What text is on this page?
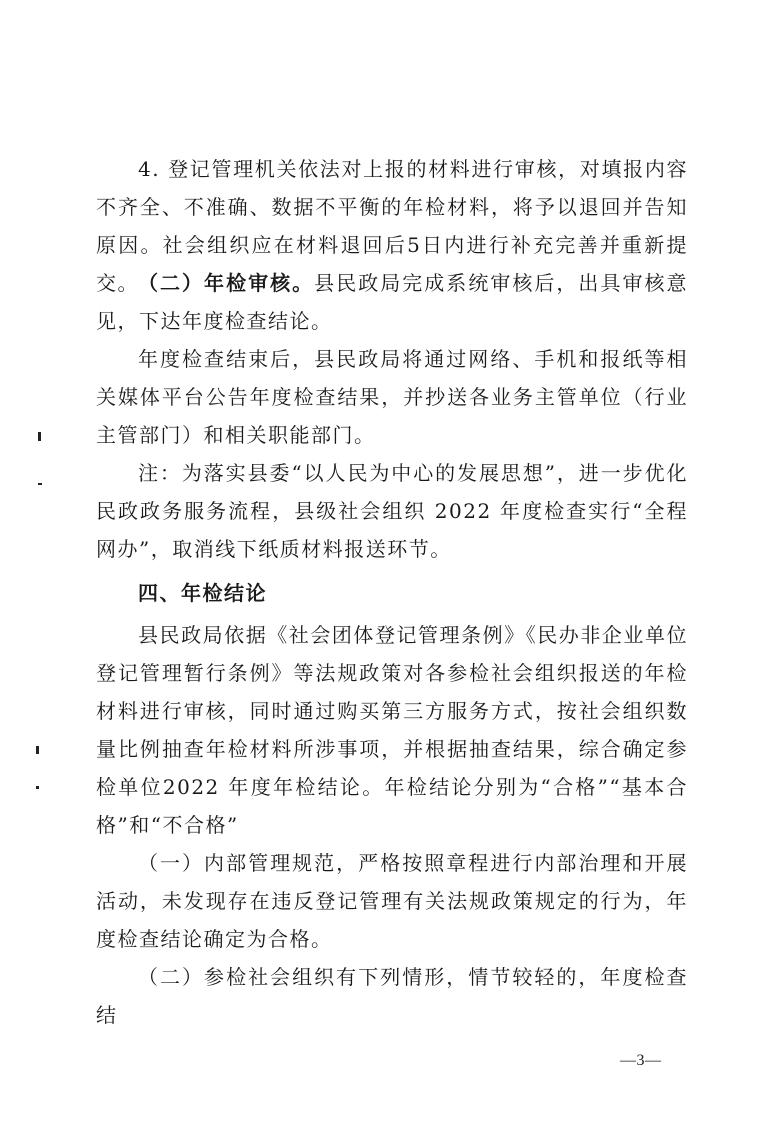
4. 登记管理机关依法对上报的材料进行审核，对填报内容不齐全、不准确、数据不平衡的年检材料，将予以退回并告知原因。社会组织应在材料退回后5日内进行补充完善并重新提交。 （二）年检审核。县民政局完成系统审核后，出具审核意见，下达年度检查结论。

年度检查结束后，县民政局将通过网络、手机和报纸等相关媒体平台公告年度检查结果，并抄送各业务主管单位（行业主管部门）和相关职能部门。

注：为落实县委“以人民为中心的发展思想”，进一步优化民政政务服务流程，县级社会组织 2022 年度检查实行“全程网办”，取消线下纸质材料报送环节。

四、年检结论

县民政局依据《社会团体登记管理条例》《民办非企业单位登记管理暂行条例》等法规政策对各参检社会组织报送的年检材料进行审核，同时通过购买第三方服务方式，按社会组织数量比例抽查年检材料所涉事项，并根据抽查结果，综合确定参检单位2022 年度年检结论。年检结论分别为“合格”“基本合格”和“不合格”

（一）内部管理规范，严格按照章程进行内部治理和开展活动，未发现存在违反登记管理有关法规政策规定的行为，年度检查结论确定为合格。

（二）参检社会组织有下列情形，情节较轻的，年度检查结

—3—
